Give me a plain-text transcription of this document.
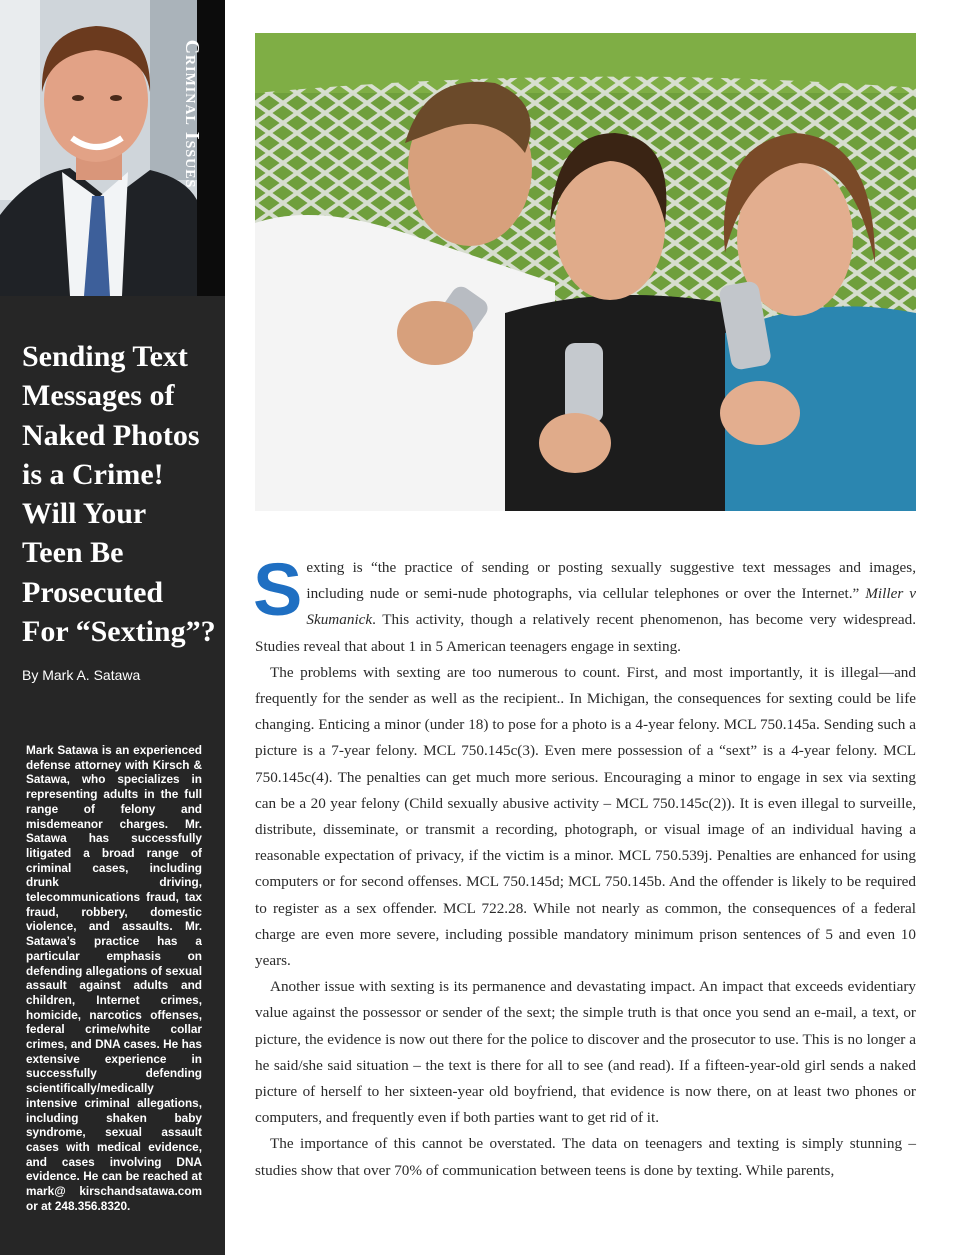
Criminal Issues
Sending Text
Messages of
Naked Photos
is a Crime!
Will Your
Teen Be
Prosecuted
For “Sexting”?
By Mark A. Satawa
Mark Satawa is an experienced defense attorney with Kirsch & Satawa, who specializes in representing adults in the full range of felony and misdemeanor charges. Mr. Satawa has successfully litigated a broad range of criminal cases, including drunk driving, telecommunications fraud, tax fraud, robbery, domestic violence, and assaults. Mr. Satawa’s practice has a particular emphasis on defending allegations of sexual assault against adults and children, Internet crimes, homicide, narcotics offenses, federal crime/white collar crimes, and DNA cases. He has extensive experience in successfully defending scientifically/medically intensive criminal allegations, including shaken baby syndrome, sexual assault cases with medical evidence, and cases involving DNA evidence. He can be reached at mark@ kirschandsatawa.com or at 248.356.8320.

Sexting is “the practice of sending or posting sexually suggestive text messages and images, including nude or semi-nude photographs, via cellular telephones or over the Internet.” Miller v Skumanick. This activity, though a relatively recent phenomenon, has become very widespread. Studies reveal that about 1 in 5 American teenagers engage in sexting.

The problems with sexting are too numerous to count. First, and most importantly, it is illegal—and frequently for the sender as well as the recipient.. In Michigan, the consequences for sexting could be life changing. Enticing a minor (under 18) to pose for a photo is a 4-year felony. MCL 750.145a. Sending such a picture is a 7-year felony. MCL 750.145c(3). Even mere possession of a “sext” is a 4-year felony. MCL 750.145c(4). The penalties can get much more serious. Encouraging a minor to engage in sex via sexting can be a 20 year felony (Child sexually abusive activity – MCL 750.145c(2)). It is even illegal to surveille, distribute, disseminate, or transmit a recording, photograph, or visual image of an individual having a reasonable expectation of privacy, if the victim is a minor. MCL 750.539j. Penalties are enhanced for using computers or for second offenses. MCL 750.145d; MCL 750.145b. And the offender is likely to be required to register as a sex offender. MCL 722.28. While not nearly as common, the consequences of a federal charge are even more severe, including possible mandatory minimum prison sentences of 5 and even 10 years.

Another issue with sexting is its permanence and devastating impact. An impact that exceeds evidentiary value against the possessor or sender of the sext; the simple truth is that once you send an e-mail, a text, or picture, the evidence is now out there for the police to discover and the prosecutor to use. This is no longer a he said/she said situation – the text is there for all to see (and read). If a fifteen-year-old girl sends a naked picture of herself to her sixteen-year old boyfriend, that evidence is now there, on at least two phones or computers, and frequently even if both parties want to get rid of it.

The importance of this cannot be overstated. The data on teenagers and texting is simply stunning – studies show that over 70% of communication between teens is done by texting. While parents,
